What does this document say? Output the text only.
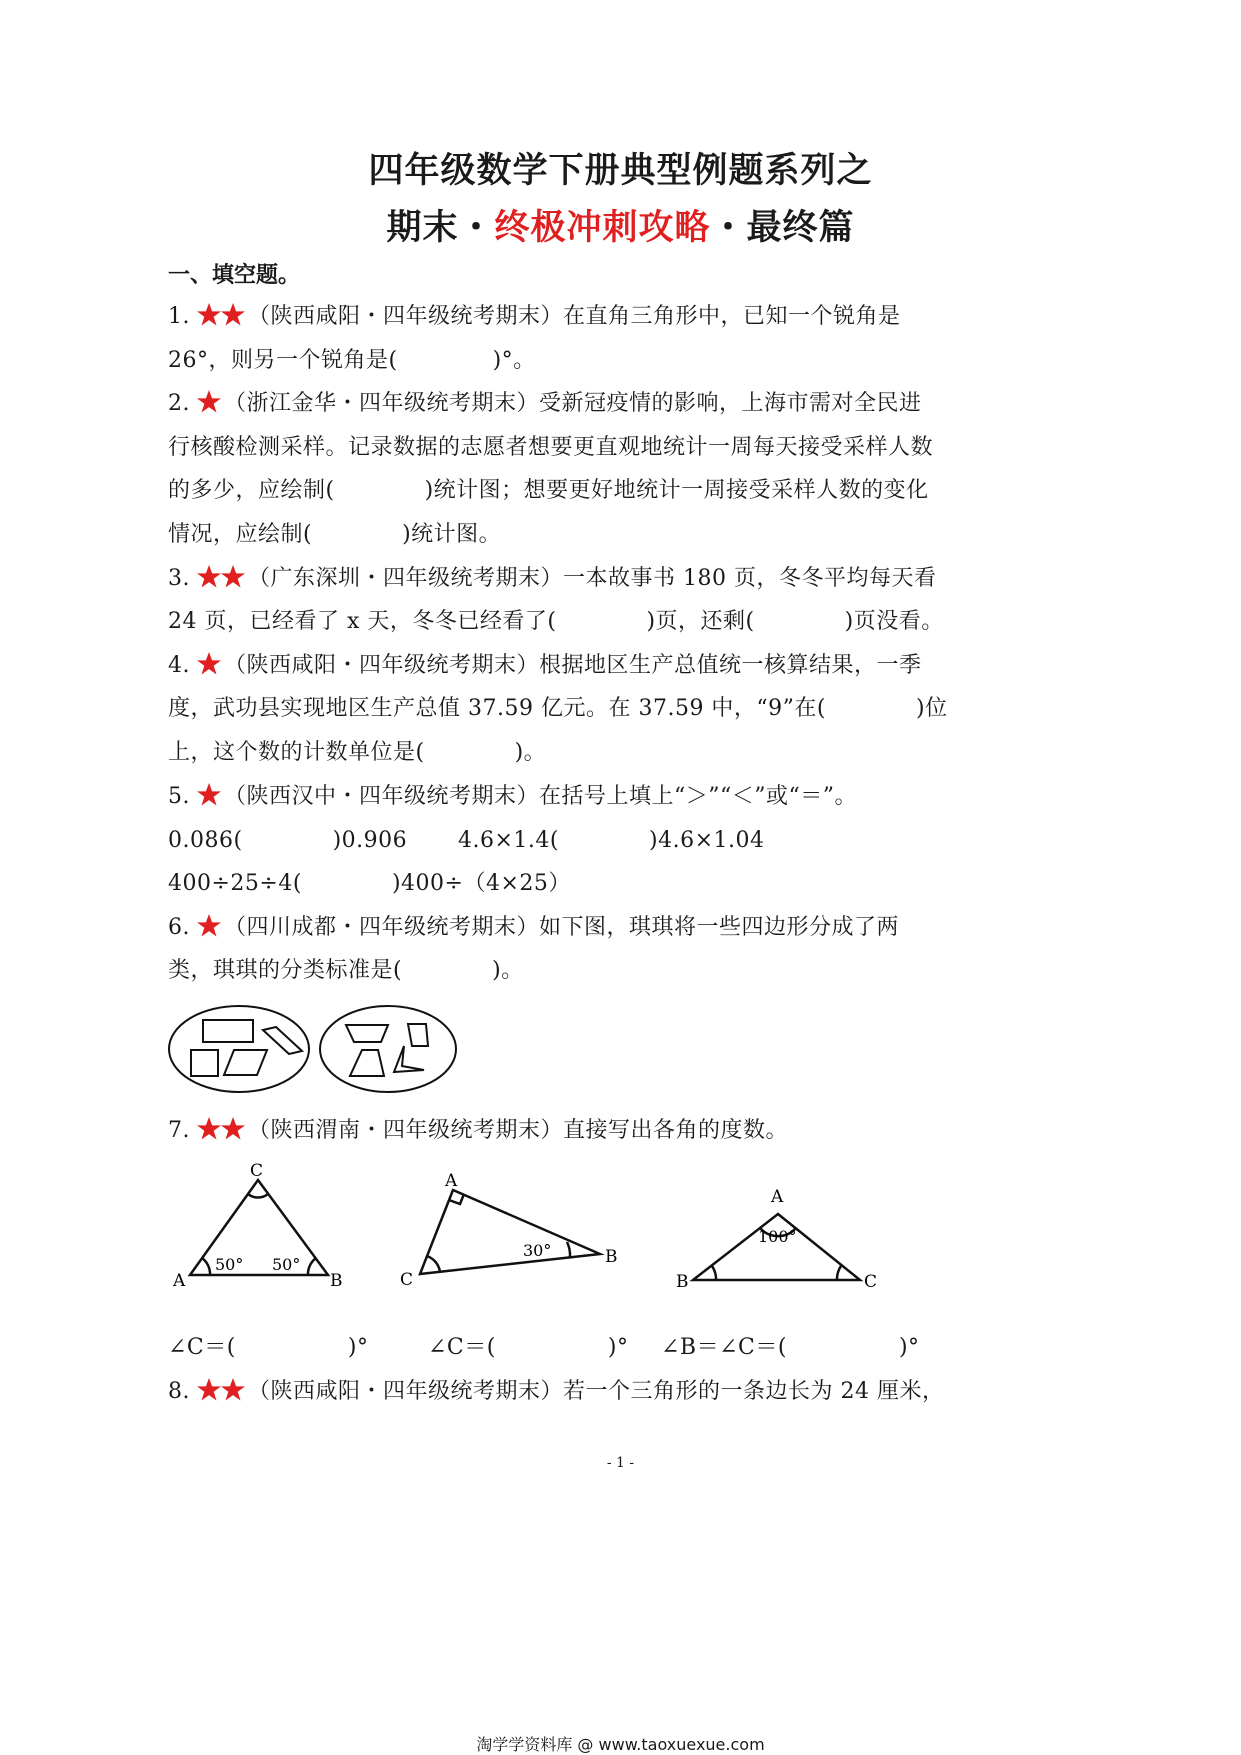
四年级数学下册典型例题系列之
期末・终极冲刺攻略・最终篇
一、填空题。
1.	（陕西咸阳・四年级统考期末）在直角三角形中，已知一个锐角是
26°，则另一个锐角是(	)°。
2. （浙江金华・四年级统考期末）受新冠疫情的影响，上海市需对全民进
行核酸检测采样。记录数据的志愿者想要更直观地统计一周每天接受采样人数
的多少，应绘制(	)统计图；想要更好地统计一周接受采样人数的变化
情况，应绘制(	)统计图。
3.	（广东深圳・四年级统考期末）一本故事书 180 页，冬冬平均每天看
24 页，已经看了 x 天，冬冬已经看了(	)页，还剩(	)页没看。
4. （陕西咸阳・四年级统考期末）根据地区生产总值统一核算结果，一季
度，武功县实现地区生产总值 37.59 亿元。在 37.59 中，“9”在(	)位
上，这个数的计数单位是(	)。
5. （陕西汉中・四年级统考期末）在括号上填上“＞”“＜”或“＝”。
0.086(	)0.906 4.6×1.4(	)4.6×1.04
400÷25÷4(	)400÷（4×25）
6. （四川成都・四年级统考期末）如下图，琪琪将一些四边形分成了两
类，琪琪的分类标准是(	)。
7.	（陕西渭南・四年级统考期末）直接写出各角的度数。
A	B
C
50° 50°
A
B
C
30°
A
B	C
100°
∠C＝(	)°	∠C＝(	)° ∠B＝∠C＝(	)°
8.	（陕西咸阳・四年级统考期末）若一个三角形的一条边长为 24 厘米，
- 1 -
淘学学资料库 @ www.taoxuexue.com
